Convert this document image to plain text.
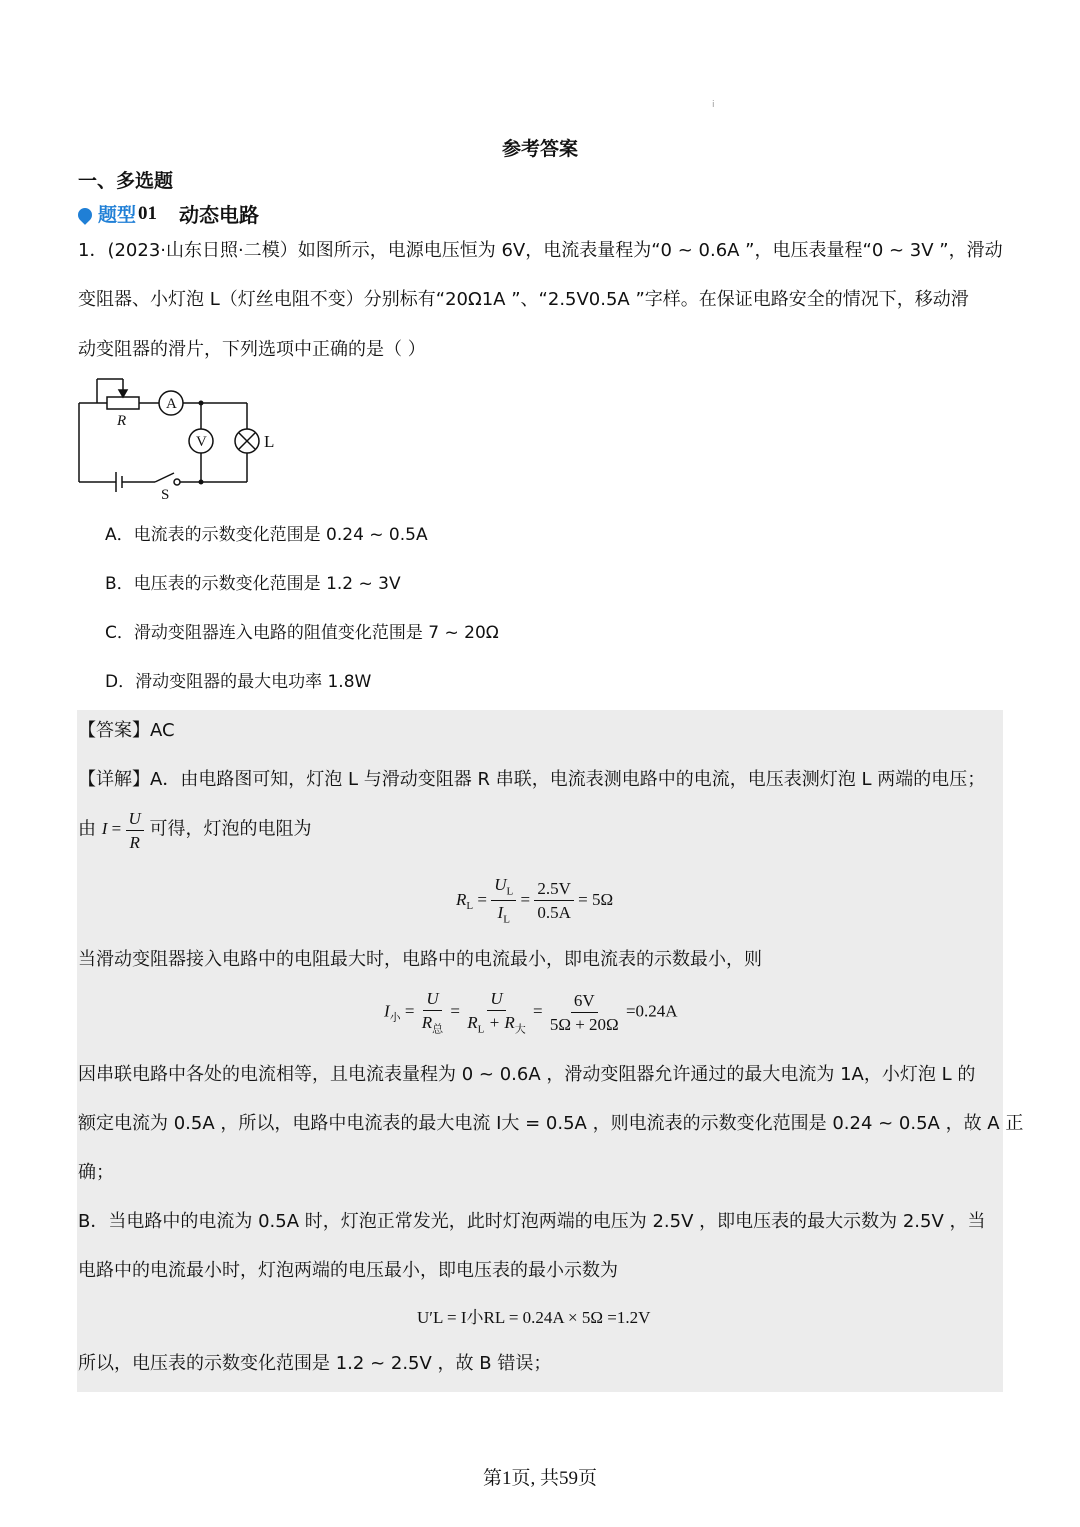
ⅰ
参考答案
一、多选题
题型 01 动态电路
1．(2023·山东日照·二模）如图所示，电源电压恒为 6V，电流表量程为“0 ~ 0.6A ”，电压表量程“0 ~ 3V ”，滑动
变阻器、小灯泡 L（灯丝电阻不变）分别标有“20Ω1A ”、“2.5V0.5A ”字样。在保证电路安全的情况下，移动滑
动变阻器的滑片，下列选项中正确的是（ ）
R
A
V	L
S
A．电流表的示数变化范围是 0.24 ~ 0.5A
B．电压表的示数变化范围是 1.2 ~ 3V
C．滑动变阻器连入电路的阻值变化范围是 7 ~ 20Ω
D．滑动变阻器的最大电功率 1.8W
【答案】AC
【详解】A．由电路图可知，灯泡 L 与滑动变阻器 R 串联，电流表测电路中的电流，电压表测灯泡 L 两端的电压；
由 $I = \frac{U}{R}$ 可得，灯泡的电阻为
$R_L = \frac{U_L}{I_L} = \frac{2.5V}{0.5A} = 5\Omega$
当滑动变阻器接入电路中的电阻最大时，电路中的电流最小，即电流表的示数最小，则
$I_小 = \frac{U}{R_总} = \frac{U}{R_L + R_大} = \frac{6V}{5\Omega + 20\Omega} =0.24A$
因串联电路中各处的电流相等，且电流表量程为 0 ~ 0.6A ，滑动变阻器允许通过的最大电流为 1A，小灯泡 L 的
额定电流为 0.5A ，所以，电路中电流表的最大电流 I大 = 0.5A ，则电流表的示数变化范围是 0.24 ~ 0.5A ，故 A 正
确；
B．当电路中的电流为 0.5A 时，灯泡正常发光，此时灯泡两端的电压为 2.5V ，即电压表的最大示数为 2.5V ，当
电路中的电流最小时，灯泡两端的电压最小，即电压表的最小示数为
U′L = I小RL = 0.24A × 5Ω =1.2V
所以，电压表的示数变化范围是 1.2 ~ 2.5V ，故 B 错误；
第1页, 共59页
